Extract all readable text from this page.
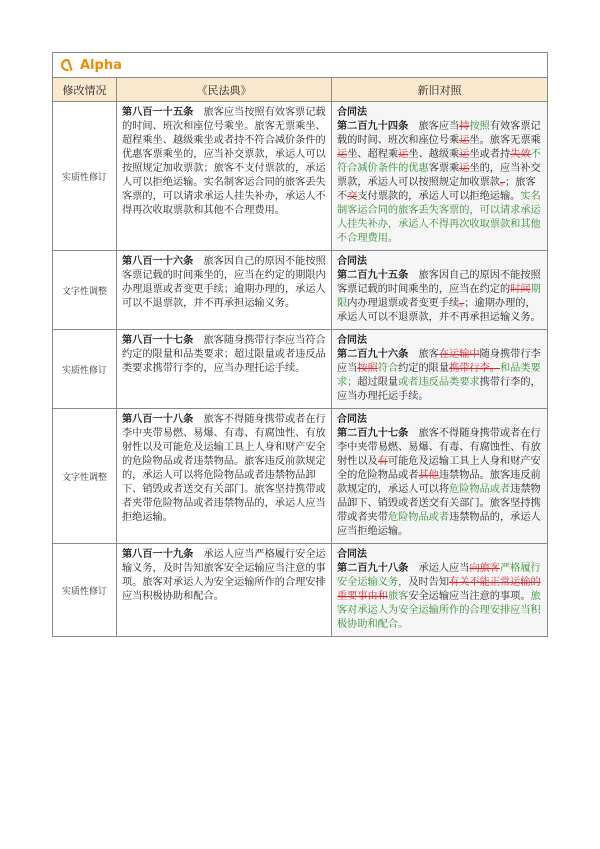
Alpha
修改情况	《民法典》	新旧对照
实质性修订
第八百一十五条　 旅客应当按照有效客票记载的时间、班次和座位号乘坐。旅客无票乘坐、超程乘坐、越级乘坐或者持不符合减价条件的优惠客票乘坐的，应当补交票款，承运人可以按照规定加收票款；旅客不支付票款的，承运人可以拒绝运输。实名制客运合同的旅客丢失客票的，可以请求承运人挂失补办，承运人不得再次收取票款和其他不合理费用。
合同法
第二百九十四条　旅客应当持按照有效客票记载的时间、班次和座位号乘运坐。旅客无票乘运坐、超程乘运坐、越级乘运坐或者持失效不符合减价条件的优惠客票乘运坐的，应当补交票款，承运人可以按照规定加收票款。；旅客不交支付票款的，承运人可以拒绝运输。实名制客运合同的旅客丢失客票的，可以请求承运人挂失补办，承运人不得再次收取票款和其他不合理费用。
文字性调整
第八百一十六条　 旅客因自己的原因不能按照客票记载的时间乘坐的，应当在约定的期限内办理退票或者变更手续；逾期办理的，承运人可以不退票款，并不再承担运输义务。
合同法
第二百九十五条　旅客因自己的原因不能按照客票记载的时间乘坐的，应当在约定的时间期限内办理退票或者变更手续。；逾期办理的，承运人可以不退票款，并不再承担运输义务。
实质性修订
第八百一十七条　 旅客随身携带行李应当符合约定的限量和品类要求；超过限量或者违反品类要求携带行李的，应当办理托运手续。
合同法
第二百九十六条　旅客在运输中随身携带行李应当按照符合约定的限量携带行李。和品类要求；超过限量或者违反品类要求携带行李的，应当办理托运手续。
文字性调整
第八百一十八条　 旅客不得随身携带或者在行李中夹带易燃、易爆、有毒、有腐蚀性、有放射性以及可能危及运输工具上人身和财产安全的危险物品或者违禁物品。旅客违反前款规定的，承运人可以将危险物品或者违禁物品卸下、销毁或者送交有关部门。旅客坚持携带或者夹带危险物品或者违禁物品的，承运人应当拒绝运输。
合同法
第二百九十七条　旅客不得随身携带或者在行李中夹带易燃、易爆、有毒、有腐蚀性、有放射性以及有可能危及运输工具上人身和财产安全的危险物品或者其他违禁物品。旅客违反前款规定的，承运人可以将危险物品或者违禁物品卸下、销毁或者送交有关部门。旅客坚持携带或者夹带危险物品或者违禁物品的，承运人应当拒绝运输。
实质性修订
第八百一十九条　 承运人应当严格履行安全运输义务，及时告知旅客安全运输应当注意的事项。旅客对承运人为安全运输所作的合理安排应当积极协助和配合。
合同法
第二百九十八条　承运人应当向旅客严格履行安全运输义务，及时告知有关不能正常运输的重要事由和旅客安全运输应当注意的事项。旅客对承运人为安全运输所作的合理安排应当积极协助和配合。
